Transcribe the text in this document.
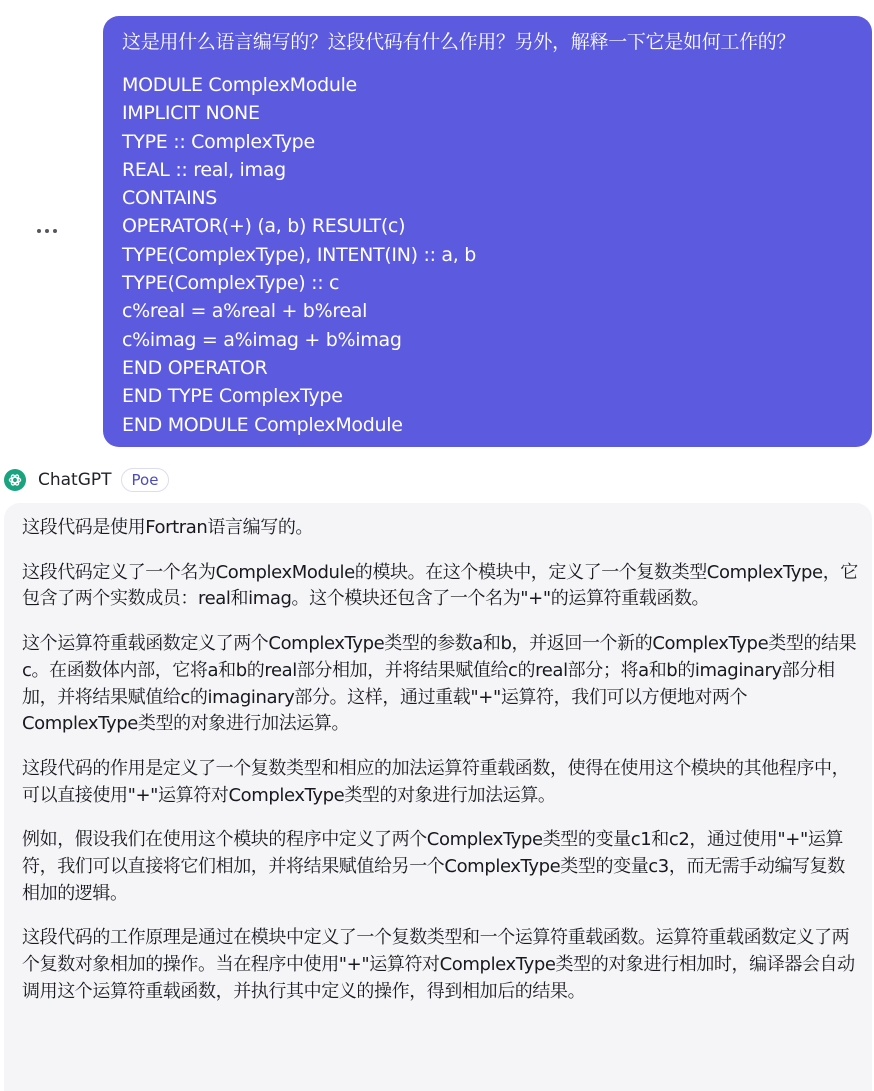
这是用什么语言编写的？这段代码有什么作用？另外，解释一下它是如何工作的？
MODULE ComplexModule
IMPLICIT NONE
TYPE :: ComplexType
REAL :: real, imag
CONTAINS
OPERATOR(+) (a, b) RESULT(c)
TYPE(ComplexType), INTENT(IN) :: a, b
TYPE(ComplexType) :: c
c%real = a%real + b%real
c%imag = a%imag + b%imag
END OPERATOR
END TYPE ComplexType
END MODULE ComplexModule
ChatGPT	Poe

这段代码是使用Fortran语言编写的。

这段代码定义了一个名为ComplexModule的模块。在这个模块中，定义了一个复数类型ComplexType，它包含了两个实数成员：real和imag。这个模块还包含了一个名为"+"的运算符重载函数。

这个运算符重载函数定义了两个ComplexType类型的参数a和b，并返回一个新的ComplexType类型的结果c。在函数体内部，它将a和b的real部分相加，并将结果赋值给c的real部分；将a和b的imaginary部分相加，并将结果赋值给c的imaginary部分。这样，通过重载"+"运算符，我们可以方便地对两个ComplexType类型的对象进行加法运算。

这段代码的作用是定义了一个复数类型和相应的加法运算符重载函数，使得在使用这个模块的其他程序中，可以直接使用"+"运算符对ComplexType类型的对象进行加法运算。

例如，假设我们在使用这个模块的程序中定义了两个ComplexType类型的变量c1和c2，通过使用"+"运算符，我们可以直接将它们相加，并将结果赋值给另一个ComplexType类型的变量c3，而无需手动编写复数相加的逻辑。

这段代码的工作原理是通过在模块中定义了一个复数类型和一个运算符重载函数。运算符重载函数定义了两个复数对象相加的操作。当在程序中使用"+"运算符对ComplexType类型的对象进行相加时，编译器会自动调用这个运算符重载函数，并执行其中定义的操作，得到相加后的结果。
